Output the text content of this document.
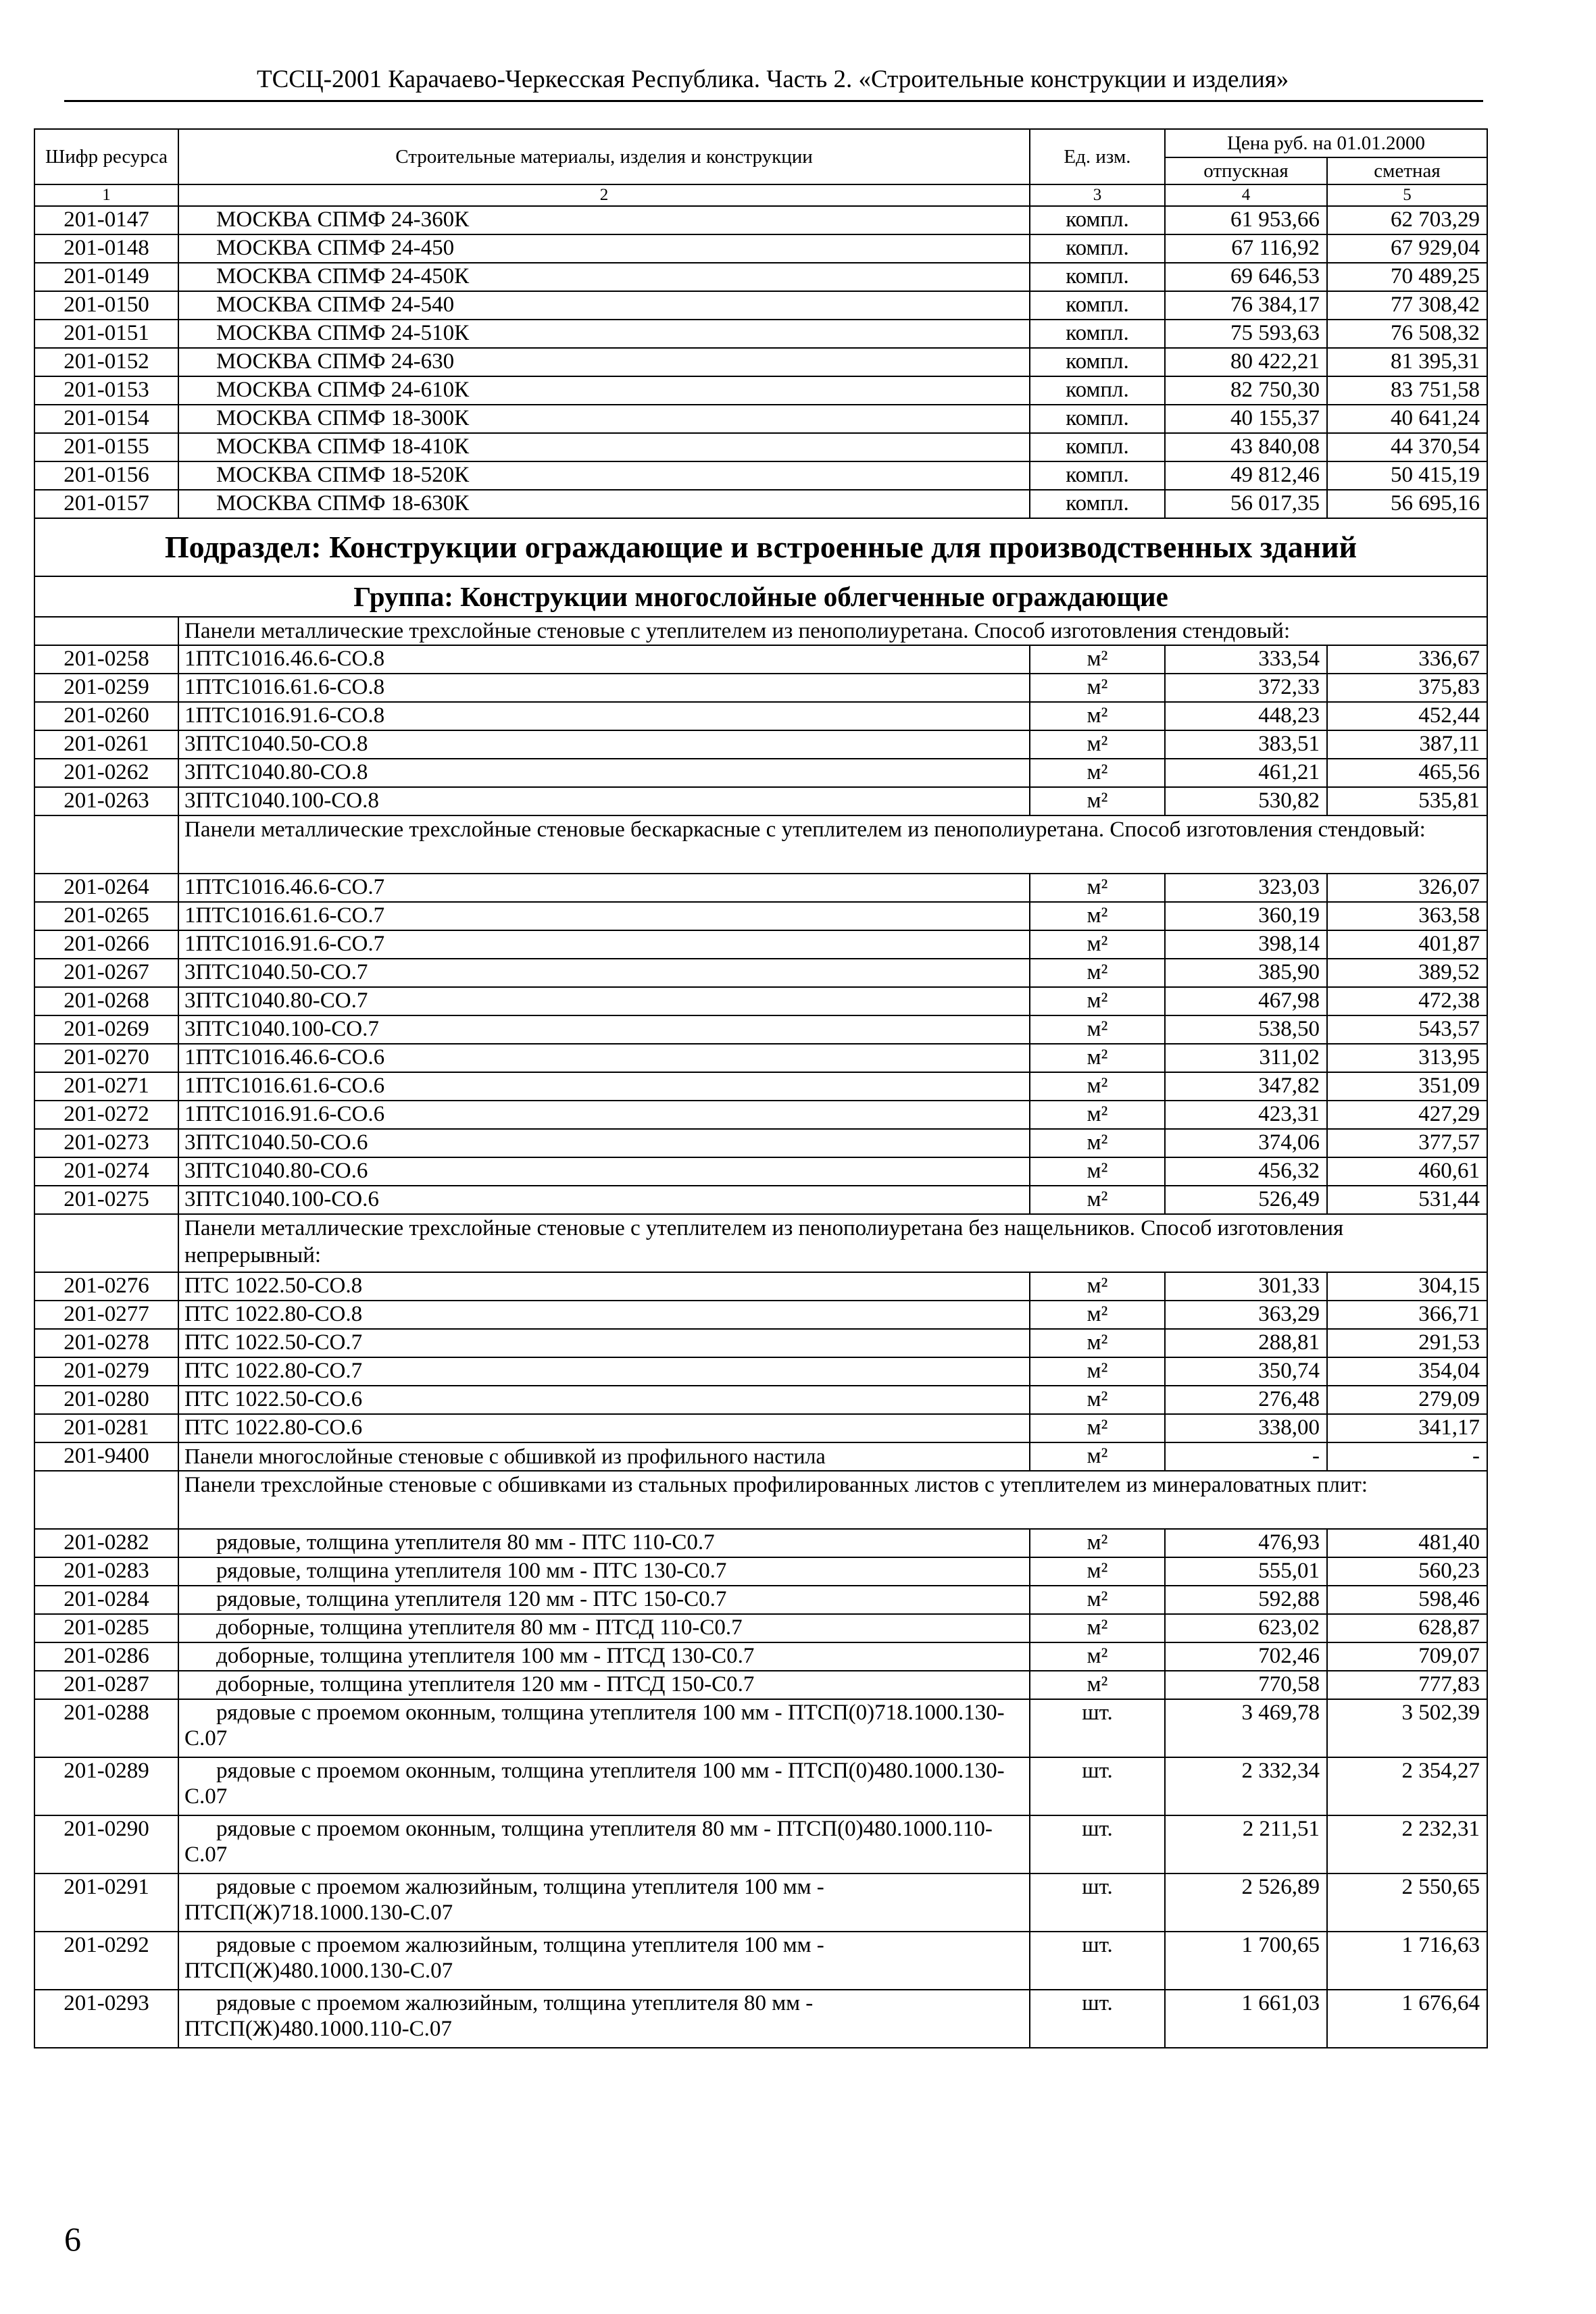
ТССЦ-2001 Карачаево-Черкесская Республика. Часть 2. «Строительные конструкции и изделия»
Шифр ресурса	Строительные материалы, изделия и конструкции	Ед. изм.	Цена руб. на 01.01.2000	
			отпускная	сметная
1	2	3	4	5
201-0147	МОСКВА СПМФ 24-360К	компл.	61 953,66	62 703,29
201-0148	МОСКВА СПМФ 24-450	компл.	67 116,92	67 929,04
201-0149	МОСКВА СПМФ 24-450К	компл.	69 646,53	70 489,25
201-0150	МОСКВА СПМФ 24-540	компл.	76 384,17	77 308,42
201-0151	МОСКВА СПМФ 24-510К	компл.	75 593,63	76 508,32
201-0152	МОСКВА СПМФ 24-630	компл.	80 422,21	81 395,31
201-0153	МОСКВА СПМФ 24-610К	компл.	82 750,30	83 751,58
201-0154	МОСКВА СПМФ 18-300К	компл.	40 155,37	40 641,24
201-0155	МОСКВА СПМФ 18-410К	компл.	43 840,08	44 370,54
201-0156	МОСКВА СПМФ 18-520К	компл.	49 812,46	50 415,19
201-0157	МОСКВА СПМФ 18-630К	компл.	56 017,35	56 695,16
Подраздел: Конструкции ограждающие и встроенные для производственных зданий				
Группа: Конструкции многослойные облегченные ограждающие				
	Панели металлические трехслойные стеновые с утеплителем из пенополиуретана. Способ изготовления стендовый:			
201-0258	1ПТС1016.46.6-СО.8	м²	333,54	336,67
201-0259	1ПТС1016.61.6-СО.8	м²	372,33	375,83
201-0260	1ПТС1016.91.6-СО.8	м²	448,23	452,44
201-0261	3ПТС1040.50-СО.8	м²	383,51	387,11
201-0262	3ПТС1040.80-СО.8	м²	461,21	465,56
201-0263	3ПТС1040.100-СО.8	м²	530,82	535,81
	Панели металлические трехслойные стеновые бескаркасные с утеплителем из пенополиуретана. Способ изготовления стендовый:			
201-0264	1ПТС1016.46.6-СО.7	м²	323,03	326,07
201-0265	1ПТС1016.61.6-СО.7	м²	360,19	363,58
201-0266	1ПТС1016.91.6-СО.7	м²	398,14	401,87
201-0267	3ПТС1040.50-СО.7	м²	385,90	389,52
201-0268	3ПТС1040.80-СО.7	м²	467,98	472,38
201-0269	3ПТС1040.100-СО.7	м²	538,50	543,57
201-0270	1ПТС1016.46.6-СО.6	м²	311,02	313,95
201-0271	1ПТС1016.61.6-СО.6	м²	347,82	351,09
201-0272	1ПТС1016.91.6-СО.6	м²	423,31	427,29
201-0273	3ПТС1040.50-СО.6	м²	374,06	377,57
201-0274	3ПТС1040.80-СО.6	м²	456,32	460,61
201-0275	3ПТС1040.100-СО.6	м²	526,49	531,44
	Панели металлические трехслойные стеновые с утеплителем из пенополиуретана без нащельников. Способ изготовления непрерывный:			
201-0276	ПТС 1022.50-СО.8	м²	301,33	304,15
201-0277	ПТС 1022.80-СО.8	м²	363,29	366,71
201-0278	ПТС 1022.50-СО.7	м²	288,81	291,53
201-0279	ПТС 1022.80-СО.7	м²	350,74	354,04
201-0280	ПТС 1022.50-СО.6	м²	276,48	279,09
201-0281	ПТС 1022.80-СО.6	м²	338,00	341,17
201-9400	Панели многослойные стеновые с обшивкой из профильного настила	м²	-	-
	Панели трехслойные стеновые с обшивками из стальных профилированных листов с утеплителем из минераловатных плит:			
201-0282	рядовые, толщина утеплителя 80 мм - ПТС 110-С0.7	м²	476,93	481,40
201-0283	рядовые, толщина утеплителя 100 мм - ПТС 130-С0.7	м²	555,01	560,23
201-0284	рядовые, толщина утеплителя 120 мм - ПТС 150-С0.7	м²	592,88	598,46
201-0285	доборные, толщина утеплителя 80 мм - ПТСД 110-С0.7	м²	623,02	628,87
201-0286	доборные, толщина утеплителя 100 мм - ПТСД 130-С0.7	м²	702,46	709,07
201-0287	доборные, толщина утеплителя 120 мм - ПТСД 150-С0.7	м²	770,58	777,83
201-0288	рядовые с проемом оконным, толщина утеплителя 100 мм - ПТСП(0)718.1000.130-С.07	шт.	3 469,78	3 502,39
201-0289	рядовые с проемом оконным, толщина утеплителя 100 мм - ПТСП(0)480.1000.130-С.07	шт.	2 332,34	2 354,27
201-0290	рядовые с проемом оконным, толщина утеплителя 80 мм - ПТСП(0)480.1000.110-С.07	шт.	2 211,51	2 232,31
201-0291	рядовые с проемом жалюзийным, толщина утеплителя 100 мм - ПТСП(Ж)718.1000.130-С.07	шт.	2 526,89	2 550,65
201-0292	рядовые с проемом жалюзийным, толщина утеплителя 100 мм - ПТСП(Ж)480.1000.130-С.07	шт.	1 700,65	1 716,63
201-0293	рядовые с проемом жалюзийным, толщина утеплителя 80 мм - ПТСП(Ж)480.1000.110-С.07	шт.	1 661,03	1 676,64
6
